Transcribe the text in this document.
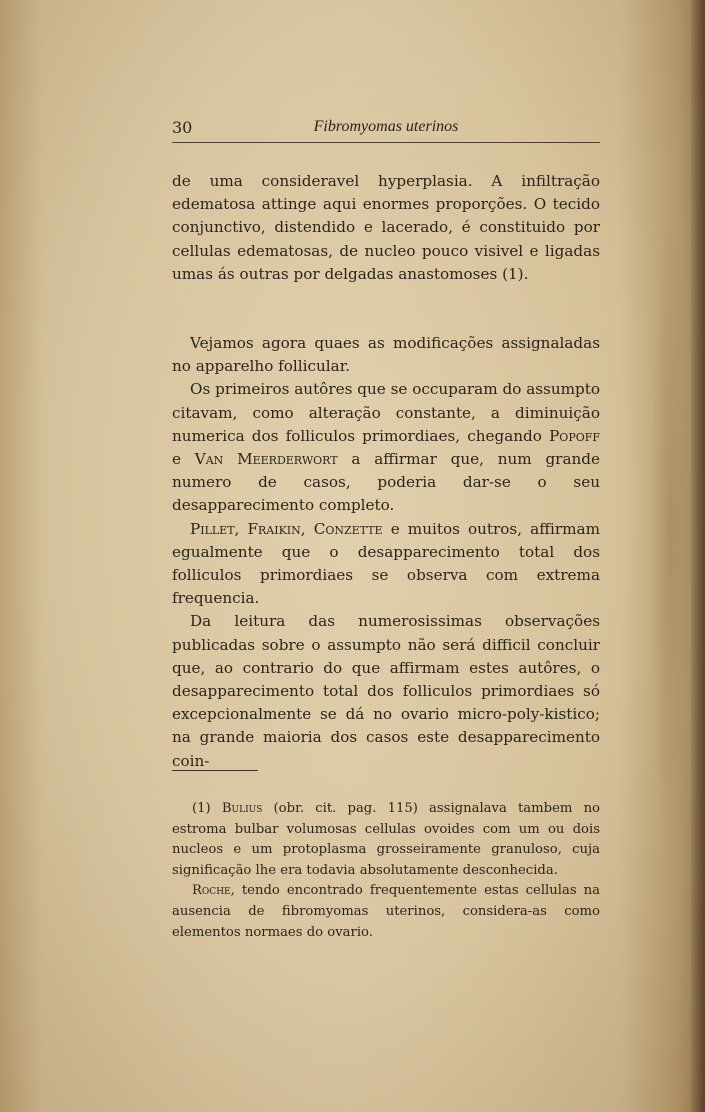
30	Fibromyomas uterinos

de uma consideravel hyperplasia. A infiltração edematosa attinge aqui enormes proporções. O tecido conjunctivo, distendido e lacerado, é constituido por cellulas edematosas, de nucleo pouco visivel e ligadas umas ás outras por delgadas anastomoses (1).

Vejamos agora quaes as modificações assignaladas no apparelho follicular.

Os primeiros autôres que se occuparam do assumpto citavam, como alteração constante, a diminuição numerica dos folliculos primordiaes, chegando Popoff e Van Meerderwort a affirmar que, num grande numero de casos, poderia dar-se o seu desapparecimento completo.

Pillet, Fraikin, Conzette e muitos outros, affirmam egualmente que o desapparecimento total dos folliculos primordiaes se observa com extrema frequencia.

Da leitura das numerosissimas observações publicadas sobre o assumpto não será difficil concluir que, ao contrario do que affirmam estes autôres, o desapparecimento total dos folliculos primordiaes só excepcionalmente se dá no ovario micro-poly-kistico; na grande maioria dos casos este desapparecimento coin-

(1) Bulius (obr. cit. pag. 115) assignalava tambem no estroma bulbar volumosas cellulas ovoides com um ou dois nucleos e um protoplasma grosseiramente granuloso, cuja significação lhe era todavia absolutamente desconhecida.

Roche, tendo encontrado frequentemente estas cellulas na ausencia de fibromyomas uterinos, considera-as como elementos normaes do ovario.
